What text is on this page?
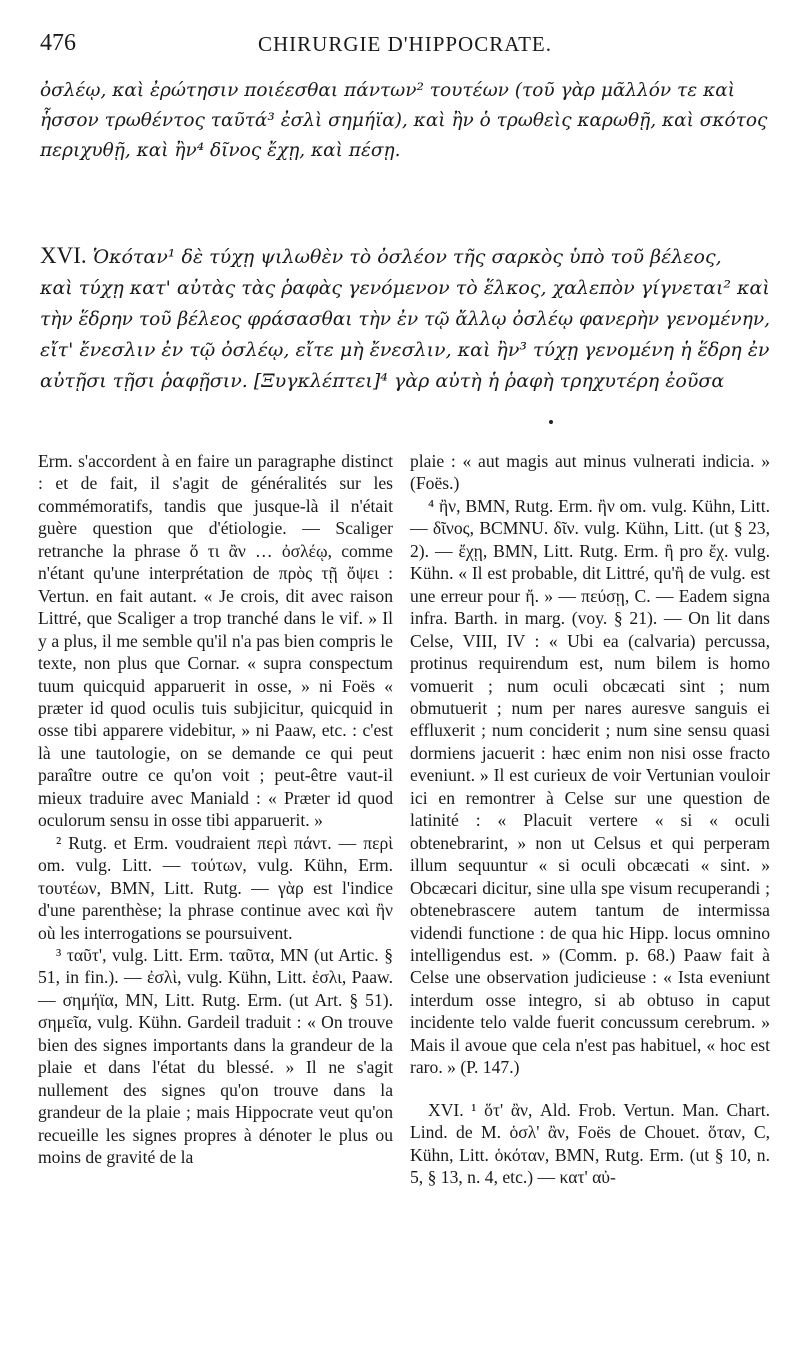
476	CHIRURGIE D'HIPPOCRATE.
ὀσλέῳ, καὶ ἐρώτησιν ποιέεσθαι πάντων² τουτέων (τοῦ γὰρ μᾶλλόν τε καὶ
ἧσσον τρωθέντος ταῦτά³ ἐσλὶ σημήϊα), καὶ ἢν ὁ τρωθεὶς καρωθῇ, καὶ σκότος
περιχυθῇ, καὶ ἢν⁴ δῖνος ἔχῃ, καὶ πέσῃ.
XVI. Ὁκόταν¹ δὲ τύχῃ ψιλωθὲν τὸ ὀσλέον τῆς σαρκὸς ὑπὸ τοῦ βέλεος,
καὶ τύχῃ κατ' αὐτὰς τὰς ῥαφὰς γενόμενον τὸ ἕλκος, χαλεπὸν γίγνεται² καὶ
τὴν ἕδρην τοῦ βέλεος φράσασθαι τὴν ἐν τῷ ἄλλῳ ὀσλέῳ φανερὴν γενομένην,
εἴτ' ἔνεσλιν ἐν τῷ ὀσλέῳ, εἴτε μὴ ἔνεσλιν, καὶ ἢν³ τύχῃ γενομένη ἡ ἕδρη ἐν
αὐτῇσι τῇσι ῥαφῇσιν. [Ξυγκλέπτει]⁴ γὰρ αὐτὴ ἡ ῥαφὴ τρηχυτέρη ἐοῦσα

Erm. s'accordent à en faire un paragraphe distinct : et de fait, il s'agit de généralités sur les commémoratifs, tandis que jusque-là il n'était guère question que d'étiologie. — Scaliger retranche la phrase ὅ τι ἂν … ὀσλέῳ, comme n'étant qu'une interprétation de πρὸς τῇ ὄψει : Vertun. en fait autant. « Je crois, dit avec raison Littré, que Scaliger a trop tranché dans le vif. » Il y a plus, il me semble qu'il n'a pas bien compris le texte, non plus que Cornar. « supra conspectum tuum quicquid apparuerit in osse, » ni Foës « præter id quod oculis tuis subjicitur, quicquid in osse tibi apparere videbitur, » ni Paaw, etc. : c'est là une tautologie, on se demande ce qui peut paraître outre ce qu'on voit ; peut-être vaut-il mieux traduire avec Maniald : « Præter id quod oculorum sensu in osse tibi apparuerit. »

² Rutg. et Erm. voudraient περὶ πάντ. — περὶ om. vulg. Litt. — τούτων, vulg. Kühn, Erm. τουτέων, BMN, Litt. Rutg. — γὰρ est l'indice d'une parenthèse; la phrase continue avec καὶ ἢν où les interrogations se poursuivent.

³ ταῦτ', vulg. Litt. Erm. ταῦτα, MN (ut Artic. § 51, in fin.). — ἐσλὶ, vulg. Kühn, Litt. ἐσλι, Paaw. — σημήϊα, MN, Litt. Rutg. Erm. (ut Art. § 51). σημεῖα, vulg. Kühn. Gardeil traduit : « On trouve bien des signes importants dans la grandeur de la plaie et dans l'état du blessé. » Il ne s'agit nullement des signes qu'on trouve dans la grandeur de la plaie ; mais Hippocrate veut qu'on recueille les signes propres à dénoter le plus ou moins de gravité de la

plaie : « aut magis aut minus vulnerati indicia. » (Foës.)

⁴ ἢν, BMN, Rutg. Erm. ἢν om. vulg. Kühn, Litt. — δῖνος, BCMNU. δῖν. vulg. Kühn, Litt. (ut § 23, 2). — ἔχῃ, BMN, Litt. Rutg. Erm. ἢ pro ἔχ. vulg. Kühn. « Il est probable, dit Littré, qu'ἢ de vulg. est une erreur pour ἤ. » — πεύσῃ, C. — Eadem signa infra. Barth. in marg. (voy. § 21). — On lit dans Celse, VIII, IV : « Ubi ea (calvaria) percussa, protinus requirendum est, num bilem is homo vomuerit ; num oculi obcæcati sint ; num obmutuerit ; num per nares auresve sanguis ei effluxerit ; num conciderit ; num sine sensu quasi dormiens jacuerit : hæc enim non nisi osse fracto eveniunt. » Il est curieux de voir Vertunian vouloir ici en remontrer à Celse sur une question de latinité : « Placuit vertere « si « oculi obtenebrarint, » non ut Celsus et qui perperam illum sequuntur « si oculi obcæcati « sint. » Obcæcari dicitur, sine ulla spe visum recuperandi ; obtenebrascere autem tantum de intermissa videndi functione : de qua hic Hipp. locus omnino intelligendus est. » (Comm. p. 68.) Paaw fait à Celse une observation judicieuse : « Ista eveniunt interdum osse integro, si ab obtuso in caput incidente telo valde fuerit concussum cerebrum. » Mais il avoue que cela n'est pas habituel, « hoc est raro. » (P. 147.)

XVI. ¹ ὅτ' ἂν, Ald. Frob. Vertun. Man. Chart. Lind. de M. ὁσλ' ἂν, Foës de Chouet. ὅταν, C, Kühn, Litt. ὁκόταν, BMN, Rutg. Erm. (ut § 10, n. 5, § 13, n. 4, etc.) — κατ' αὐ-
